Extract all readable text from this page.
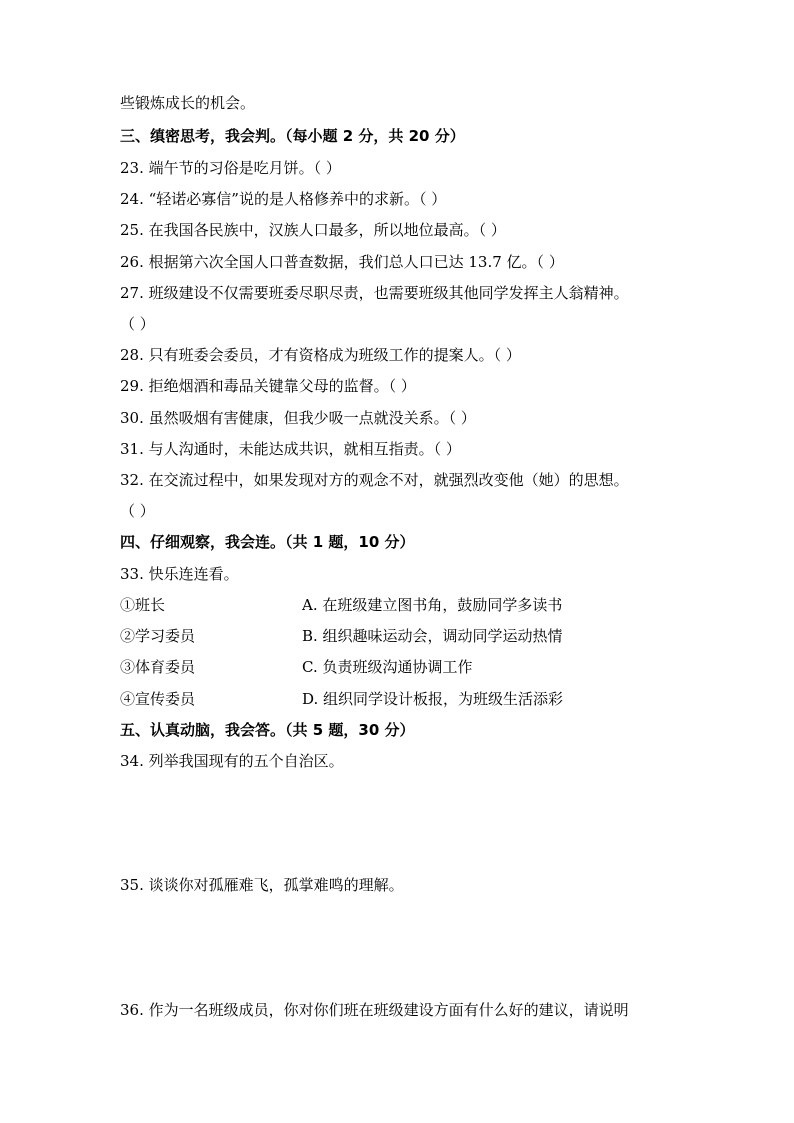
些锻炼成长的机会。
三、缜密思考，我会判。（每小题 2 分，共 20 分）
23. 端午节的习俗是吃月饼。（ ）
24. “轻诺必寡信”说的是人格修养中的求新。（ ）
25. 在我国各民族中，汉族人口最多，所以地位最高。（ ）
26. 根据第六次全国人口普查数据，我们总人口已达 13.7 亿。（ ）
27. 班级建设不仅需要班委尽职尽责，也需要班级其他同学发挥主人翁精神。
（ ）
28. 只有班委会委员，才有资格成为班级工作的提案人。（ ）
29. 拒绝烟酒和毒品关键靠父母的监督。（ ）
30. 虽然吸烟有害健康，但我少吸一点就没关系。（ ）
31. 与人沟通时，未能达成共识，就相互指责。（ ）
32. 在交流过程中，如果发现对方的观念不对，就强烈改变他（她）的思想。
（ ）
四、仔细观察，我会连。（共 1 题，10 分）
33. 快乐连连看。
①班长	A. 在班级建立图书角，鼓励同学多读书
②学习委员	B. 组织趣味运动会，调动同学运动热情
③体育委员	C. 负责班级沟通协调工作
④宣传委员	D. 组织同学设计板报，为班级生活添彩
五、认真动脑，我会答。（共 5 题，30 分）
34. 列举我国现有的五个自治区。
35. 谈谈你对孤雁难飞，孤掌难鸣的理解。
36. 作为一名班级成员，你对你们班在班级建设方面有什么好的建议，请说明
